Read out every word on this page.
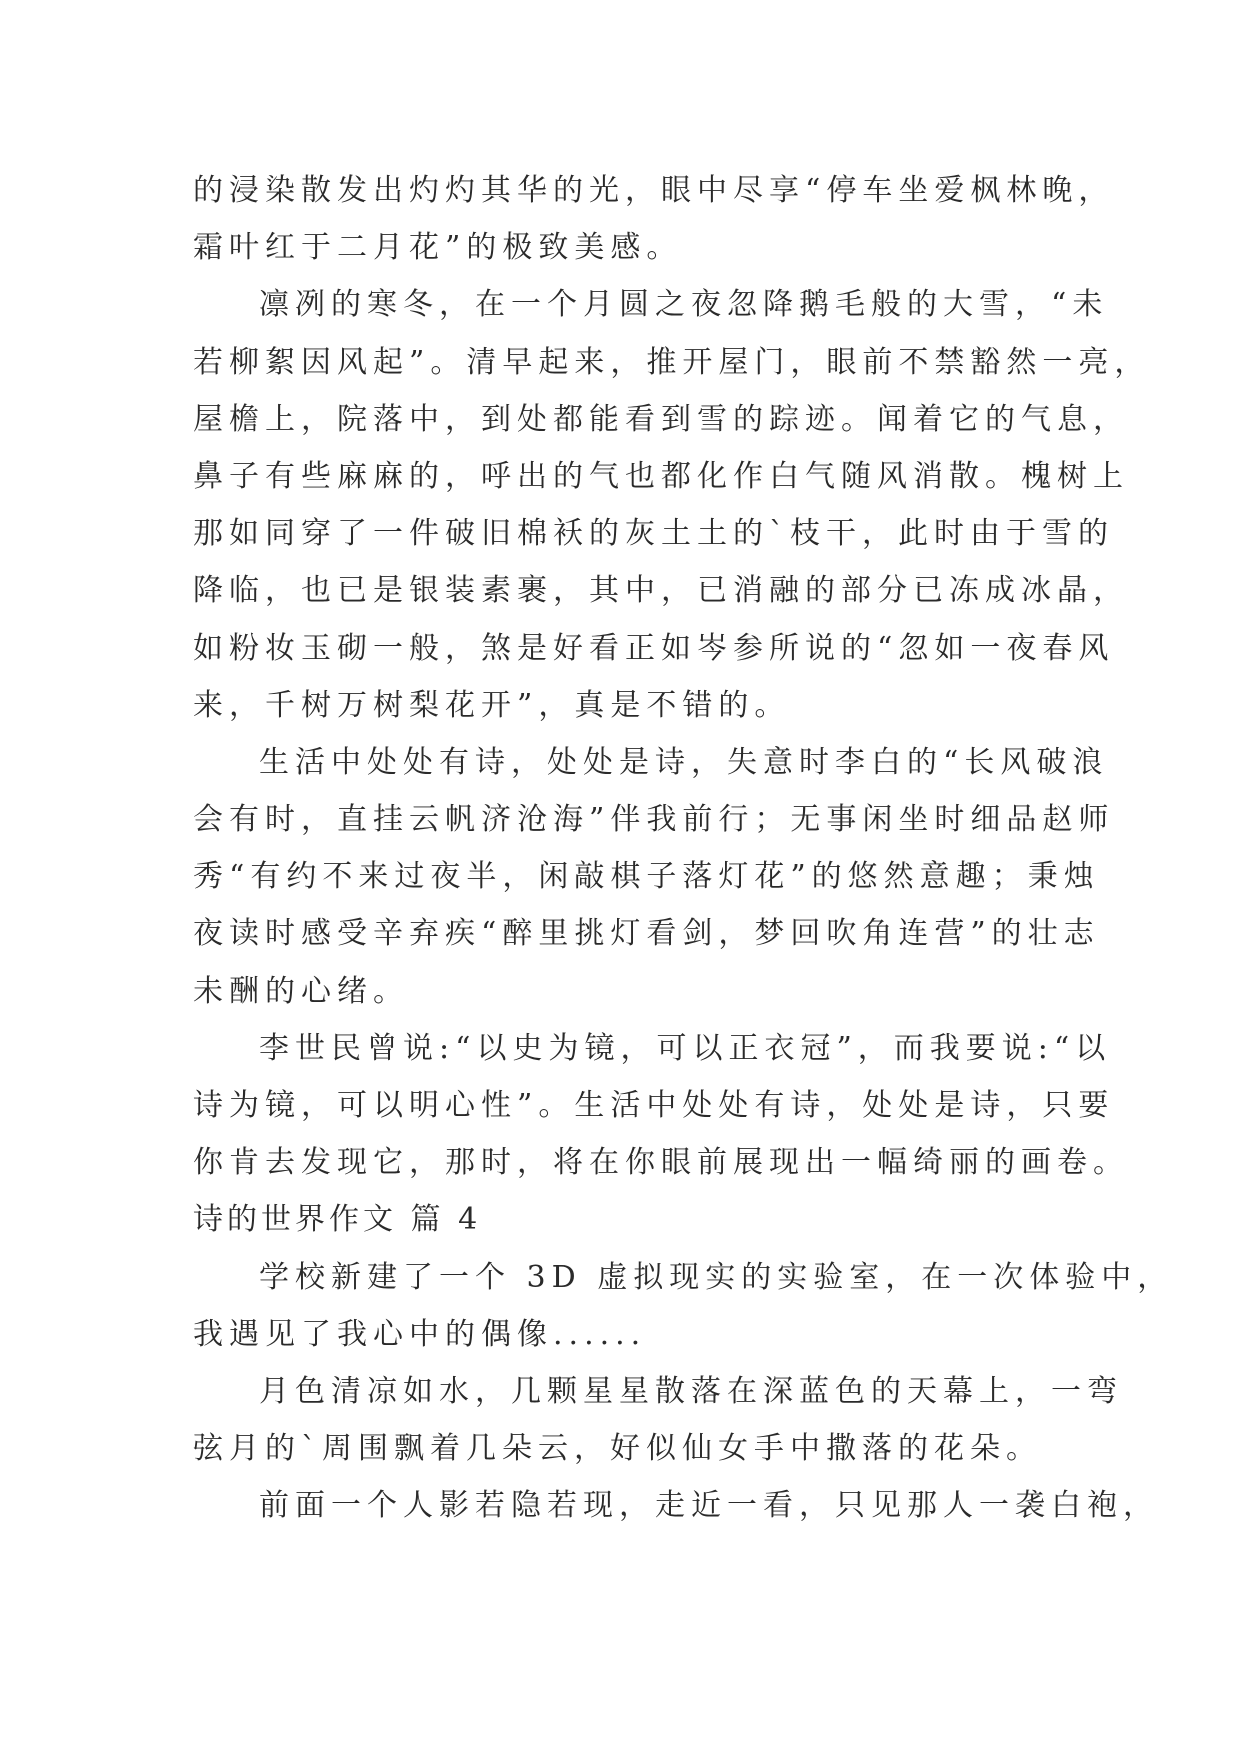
的浸染散发出灼灼其华的光，眼中尽享“停车坐爱枫林晚，
霜叶红于二月花”的极致美感。
凛冽的寒冬，在一个月圆之夜忽降鹅毛般的大雪，“未
若柳絮因风起”。清早起来，推开屋门，眼前不禁豁然一亮，
屋檐上，院落中，到处都能看到雪的踪迹。闻着它的气息，
鼻子有些麻麻的，呼出的气也都化作白气随风消散。槐树上
那如同穿了一件破旧棉袄的灰土土的`枝干，此时由于雪的
降临，也已是银装素裹，其中，已消融的部分已冻成冰晶，
如粉妆玉砌一般，煞是好看正如岑参所说的“忽如一夜春风
来，千树万树梨花开”，真是不错的。
生活中处处有诗，处处是诗，失意时李白的“长风破浪
会有时，直挂云帆济沧海”伴我前行；无事闲坐时细品赵师
秀“有约不来过夜半，闲敲棋子落灯花”的悠然意趣；秉烛
夜读时感受辛弃疾“醉里挑灯看剑，梦回吹角连营”的壮志
未酬的心绪。
李世民曾说:“以史为镜，可以正衣冠”，而我要说:“以
诗为镜，可以明心性”。生活中处处有诗，处处是诗，只要
你肯去发现它，那时，将在你眼前展现出一幅绮丽的画卷。
诗的世界作文 篇 4
学校新建了一个 3D 虚拟现实的实验室，在一次体验中，
我遇见了我心中的偶像......
月色清凉如水，几颗星星散落在深蓝色的天幕上，一弯
弦月的`周围飘着几朵云，好似仙女手中撒落的花朵。
前面一个人影若隐若现，走近一看，只见那人一袭白袍，
